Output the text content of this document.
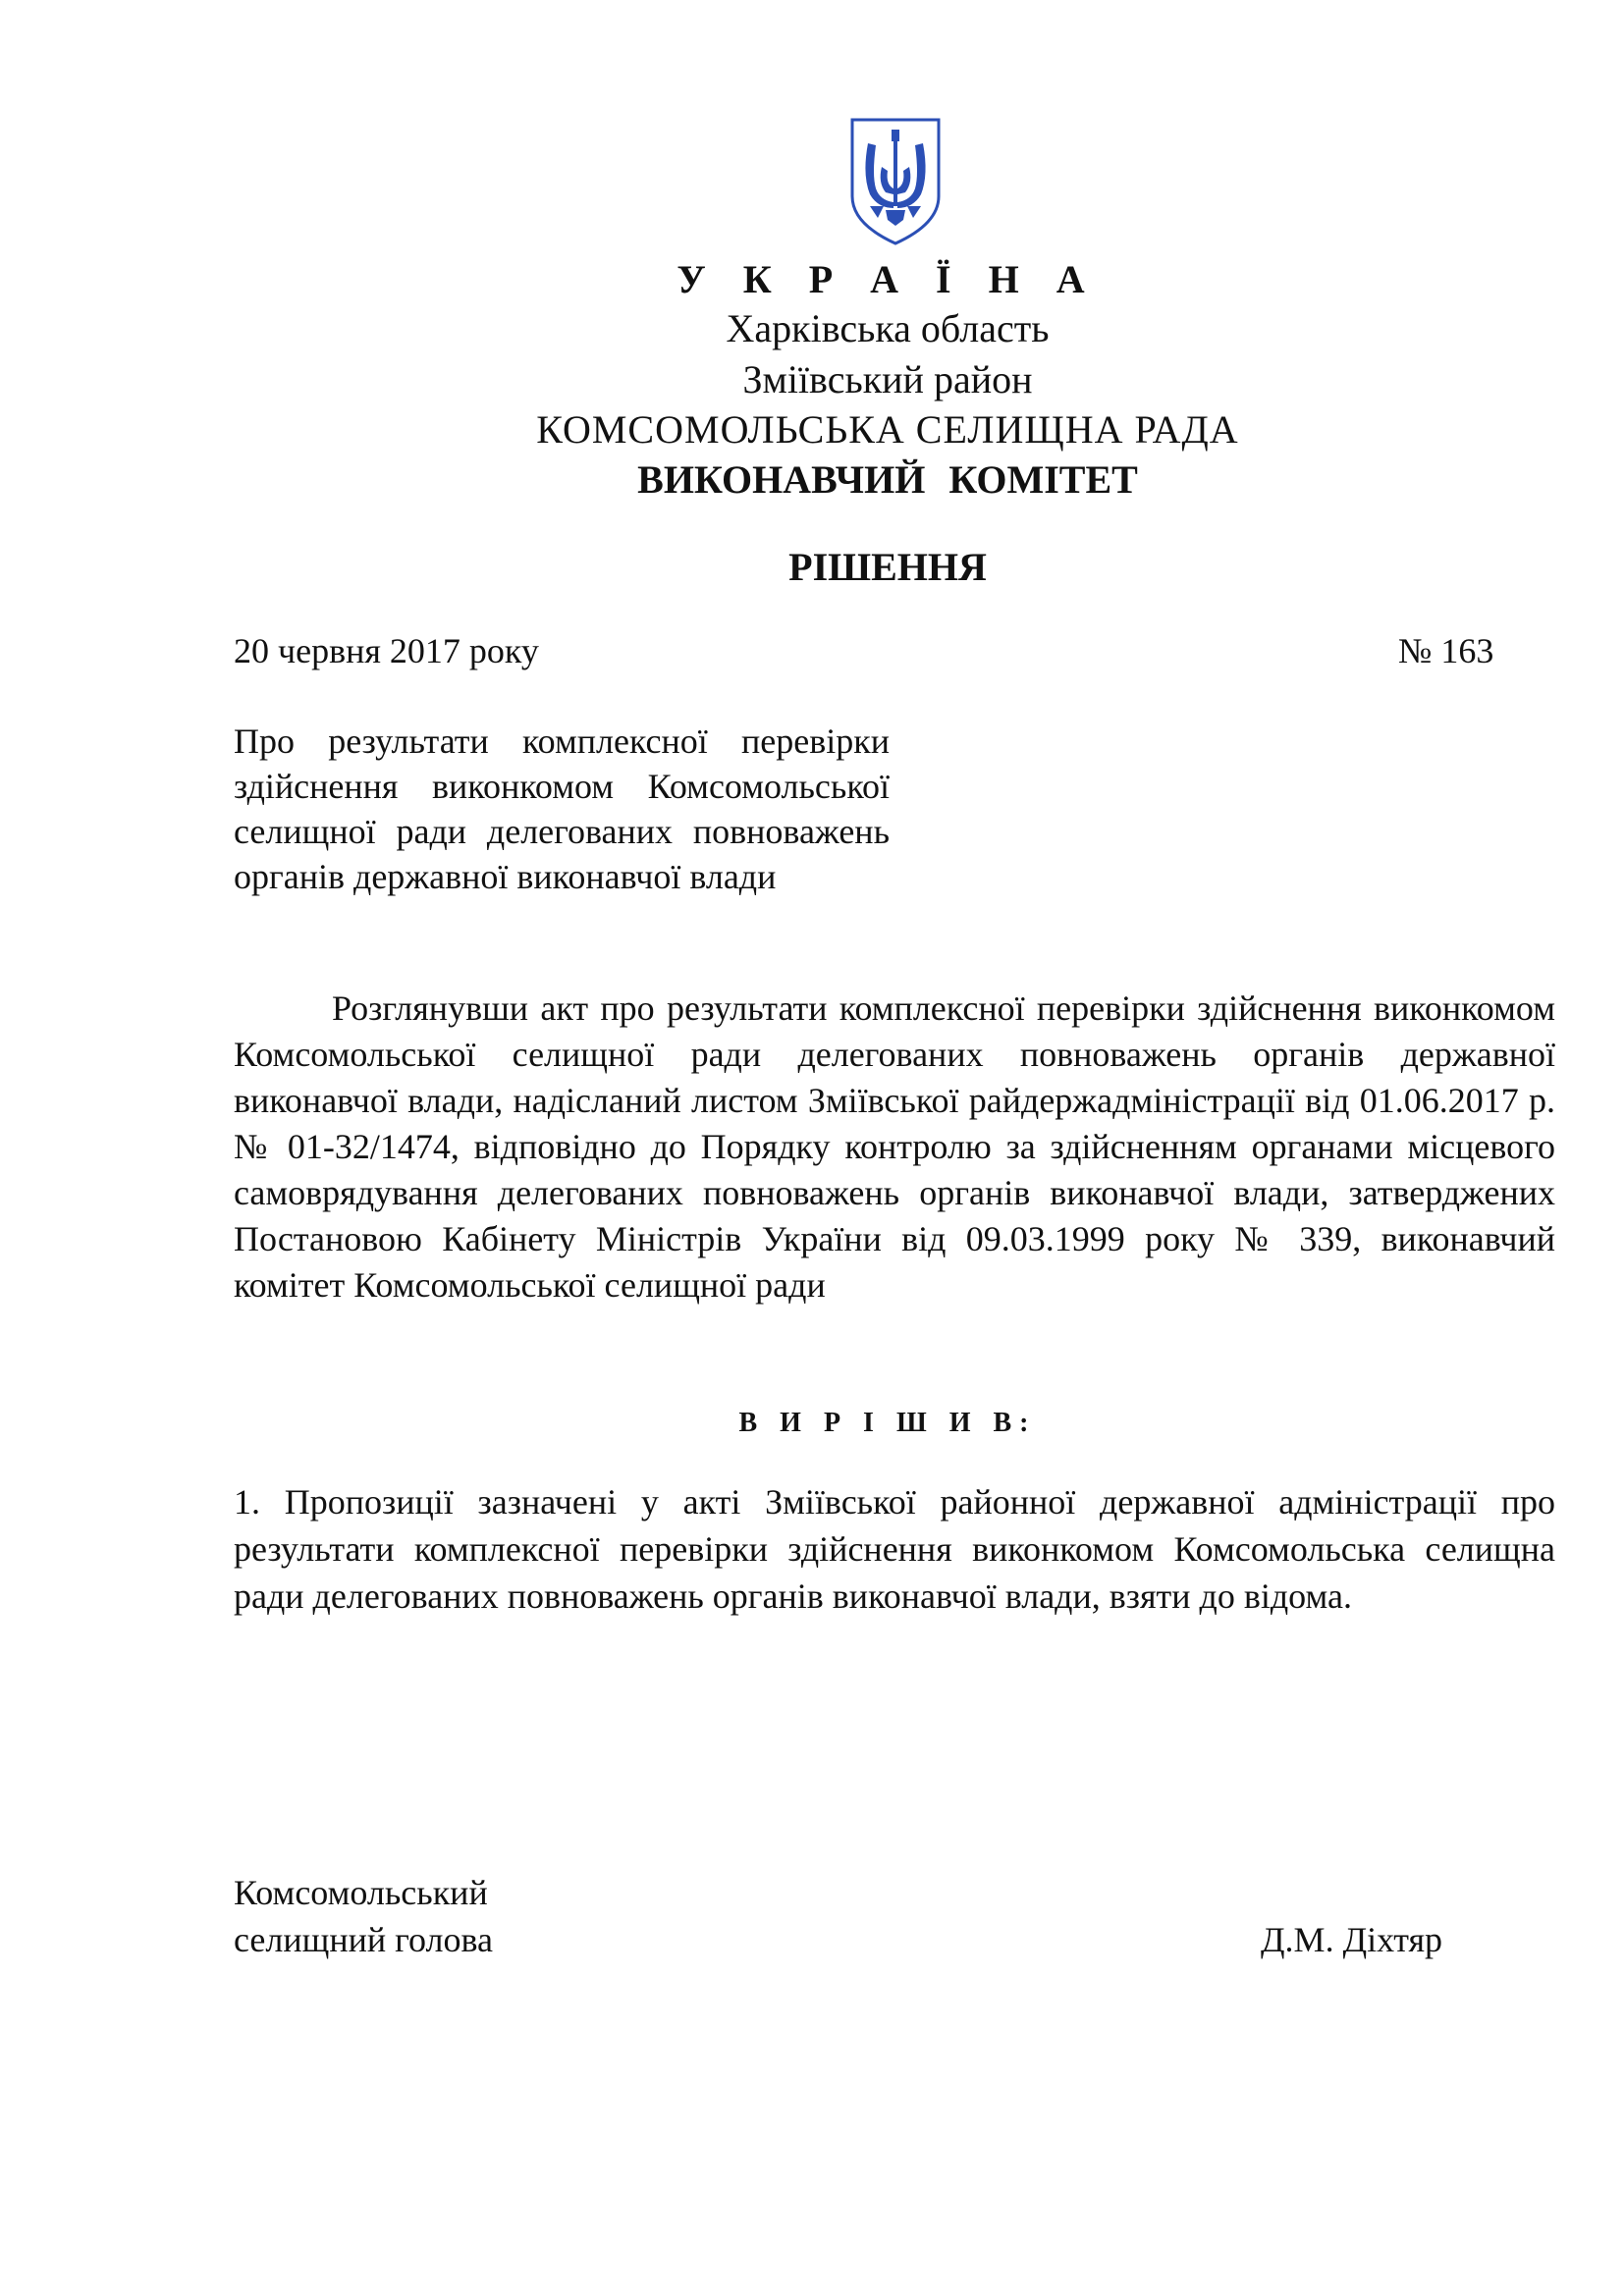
У К Р А Ї Н А
Харківська область
Зміївський район
КОМСОМОЛЬСЬКА СЕЛИЩНА РАДА
ВИКОНАВЧИЙ КОМІТЕТ
РІШЕННЯ
20 червня 2017 року	№ 163
Про результати комплексної перевірки здійснення виконкомом Комсомольської селищної ради делегованих повноважень органів державної виконавчої влади
Розглянувши акт про результати комплексної перевірки здійснення виконкомом Комсомольської селищної ради делегованих повноважень органів державної виконавчої влади, надісланий листом Зміївської райдержадміністрації від 01.06.2017 р. № 01-32/1474, відповідно до Порядку контролю за здійсненням органами місцевого самоврядування делегованих повноважень органів виконавчої влади, затверджених Постановою Кабінету Міністрів України від 09.03.1999 року № 339, виконавчий комітет Комсомольської селищної ради
В И Р І Ш И В:
1. Пропозиції зазначені у акті Зміївської районної державної адміністрації про результати комплексної перевірки здійснення виконкомом Комсомольська селищна ради делегованих повноважень органів виконавчої влади, взяти до відома.
Комсомольський
селищний голова	Д.М. Діхтяр
